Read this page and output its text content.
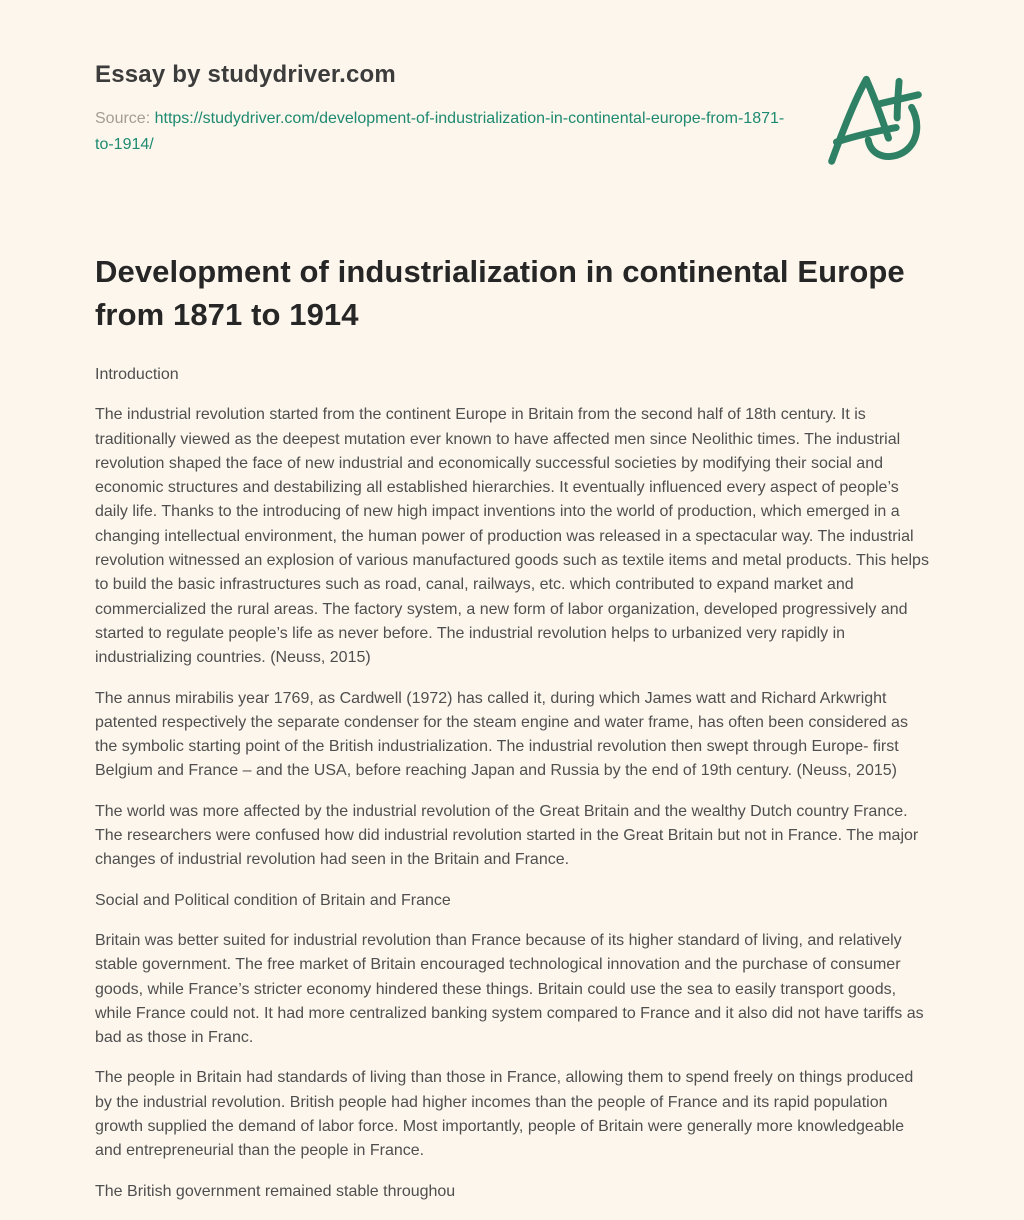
Essay by studydriver.com

Source: https://studydriver.com/development-of-industrialization-in-continental-europe-from-1871-to-1914/

Development of industrialization in continental Europe from 1871 to 1914

Introduction

The industrial revolution started from the continent Europe in Britain from the second half of 18th century. It is traditionally viewed as the deepest mutation ever known to have affected men since Neolithic times. The industrial revolution shaped the face of new industrial and economically successful societies by modifying their social and economic structures and destabilizing all established hierarchies. It eventually influenced every aspect of people’s daily life. Thanks to the introducing of new high impact inventions into the world of production, which emerged in a changing intellectual environment, the human power of production was released in a spectacular way. The industrial revolution witnessed an explosion of various manufactured goods such as textile items and metal products. This helps to build the basic infrastructures such as road, canal, railways, etc. which contributed to expand market and commercialized the rural areas. The factory system, a new form of labor organization, developed progressively and started to regulate people’s life as never before. The industrial revolution helps to urbanized very rapidly in industrializing countries. (Neuss, 2015)

The annus mirabilis year 1769, as Cardwell (1972) has called it, during which James watt and Richard Arkwright patented respectively the separate condenser for the steam engine and water frame, has often been considered as the symbolic starting point of the British industrialization. The industrial revolution then swept through Europe- first Belgium and France – and the USA, before reaching Japan and Russia by the end of 19th century. (Neuss, 2015)

The world was more affected by the industrial revolution of the Great Britain and the wealthy Dutch country France. The researchers were confused how did industrial revolution started in the Great Britain but not in France. The major changes of industrial revolution had seen in the Britain and France.

Social and Political condition of Britain and France

Britain was better suited for industrial revolution than France because of its higher standard of living, and relatively stable government. The free market of Britain encouraged technological innovation and the purchase of consumer goods, while France’s stricter economy hindered these things. Britain could use the sea to easily transport goods, while France could not. It had more centralized banking system compared to France and it also did not have tariffs as bad as those in Franc.

The people in Britain had standards of living than those in France, allowing them to spend freely on things produced by the industrial revolution. British people had higher incomes than the people of France and its rapid population growth supplied the demand of labor force. Most importantly, people of Britain were generally more knowledgeable and entrepreneurial than the people in France.

The British government remained stable throughou
